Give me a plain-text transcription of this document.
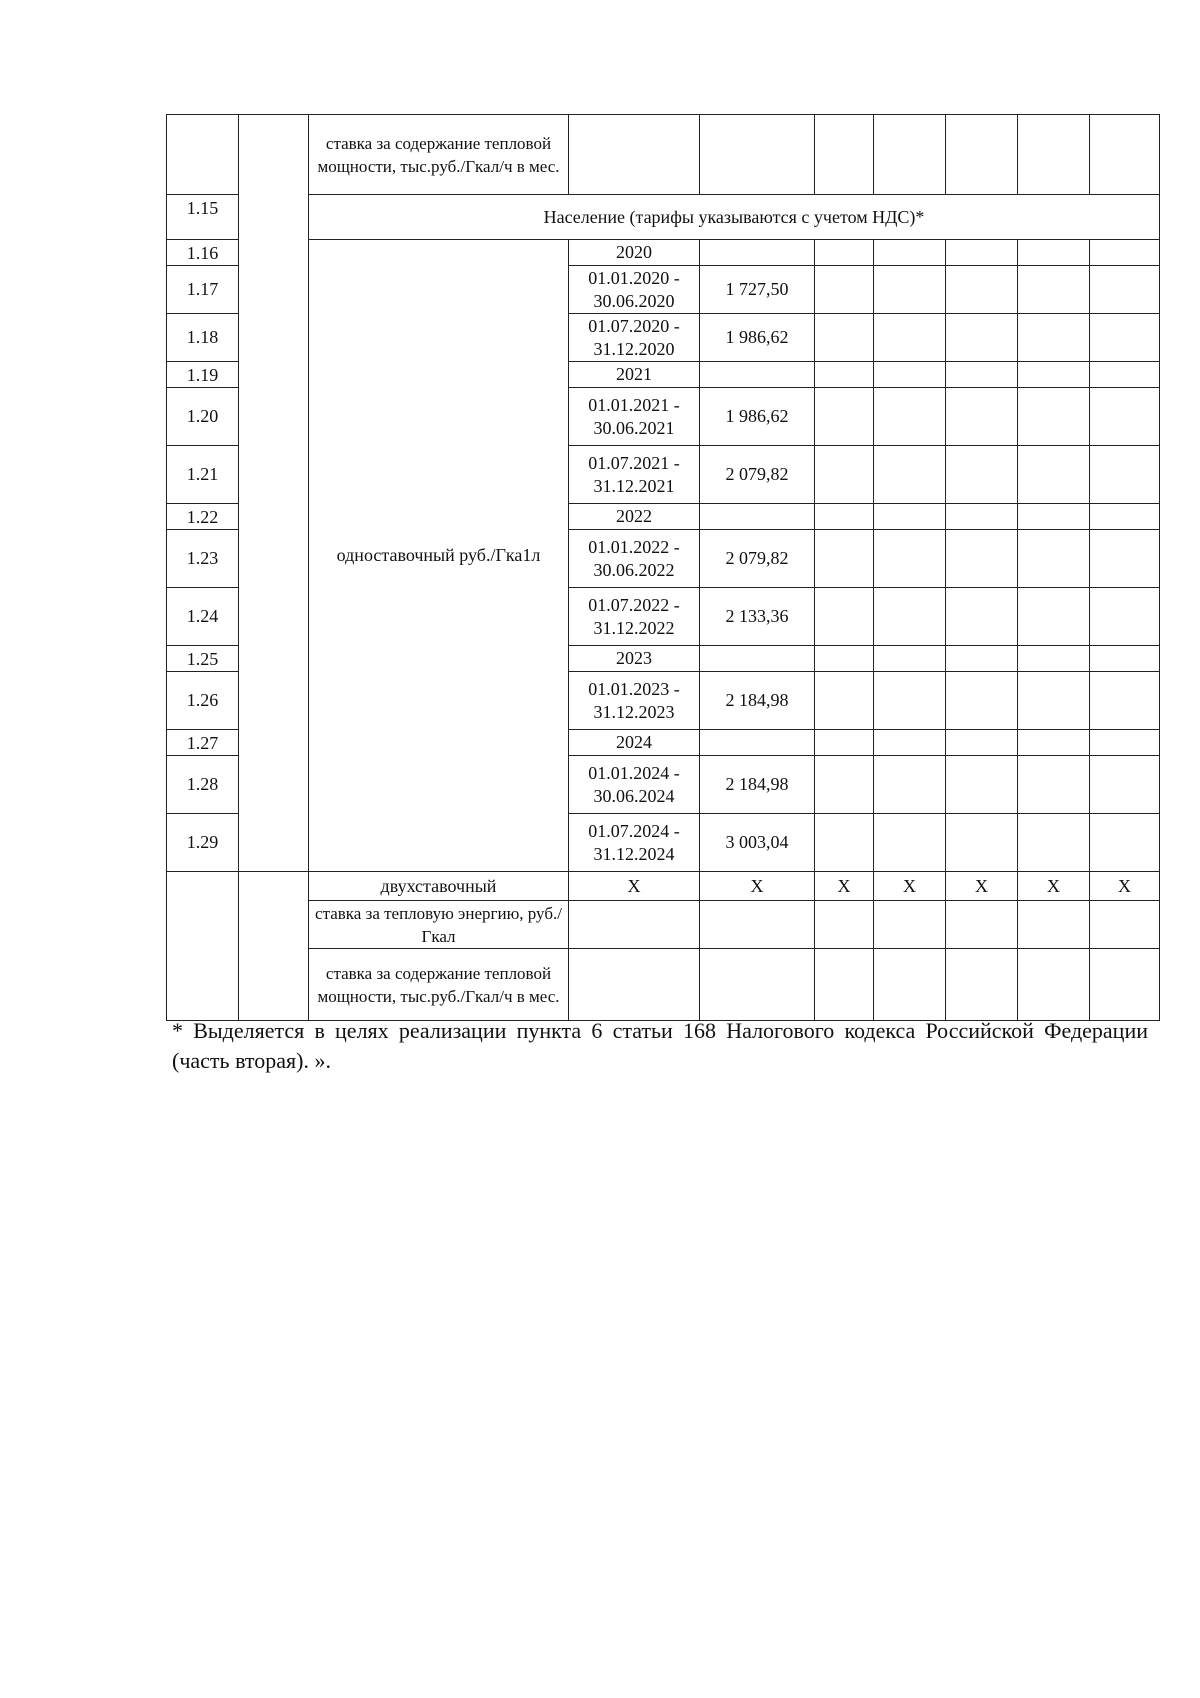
		ставка за содержание тепловой мощности, тыс.руб./Гкал/ч в мес.								
1.15		Население (тарифы указываются с учетом НДС)*								
1.16		одноставочный руб./Гка1л	2020							
1.17			01.01.2020 - 30.06.2020	1 727,50						
1.18			01.07.2020 - 31.12.2020	1 986,62						
1.19			2021							
1.20			01.01.2021 - 30.06.2021	1 986,62						
1.21			01.07.2021 - 31.12.2021	2 079,82						
1.22			2022							
1.23			01.01.2022 - 30.06.2022	2 079,82						
1.24			01.07.2022 - 31.12.2022	2 133,36						
1.25			2023							
1.26			01.01.2023 - 31.12.2023	2 184,98						
1.27			2024							
1.28			01.01.2024 - 30.06.2024	2 184,98						
1.29			01.07.2024 - 31.12.2024	3 003,04						
		двухставочный	X	X	X	X	X	X	X	
		ставка за тепловую энергию, руб./Гкал								
		ставка за содержание тепловой мощности, тыс.руб./Гкал/ч в мес.								
* Выделяется в целях реализации пункта 6 статьи 168 Налогового кодекса Российской Федерации (часть вторая). ».
